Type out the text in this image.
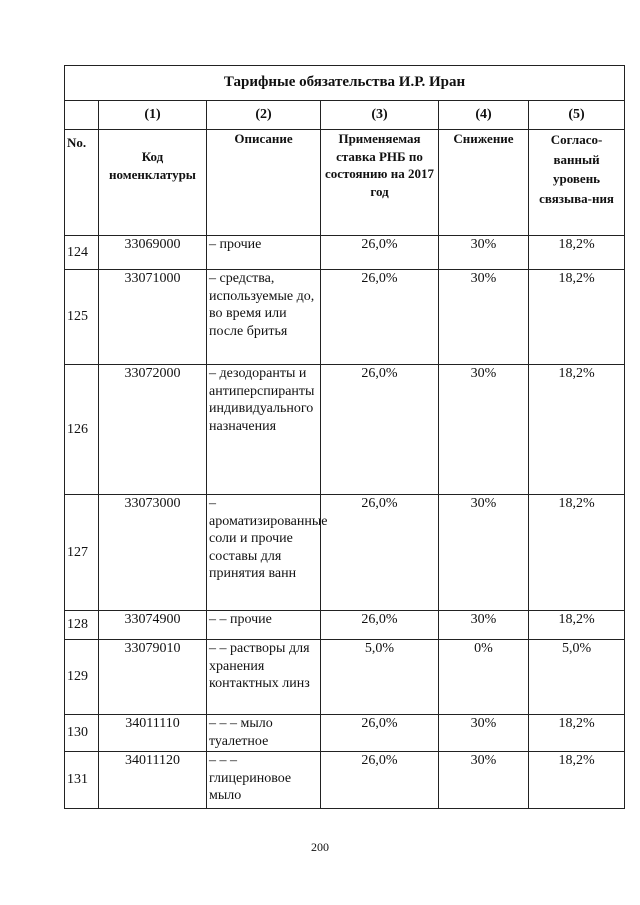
Тарифные обязательства И.Р. Иран					
	(1)	(2)	(3)	(4)	(5)
No.	Код номенклатуры	Описание	Применяемая ставка РНБ по состоянию на 2017 год	Снижение	Согласо-ванный уровень связыва-ния
124	33069000	– прочие	26,0%	30%	18,2%
125	33071000	– средства, используемые до, во время или после бритья	26,0%	30%	18,2%
126	33072000	– дезодоранты и антиперспиранты индивидуального назначения	26,0%	30%	18,2%
127	33073000	– ароматизированные соли и прочие составы для принятия ванн	26,0%	30%	18,2%
128	33074900	– – прочие	26,0%	30%	18,2%
129	33079010	– – растворы для хранения контактных линз	5,0%	0%	5,0%
130	34011110	– – – мыло туалетное	26,0%	30%	18,2%
131	34011120	– – – глицериновое мыло	26,0%	30%	18,2%
200
